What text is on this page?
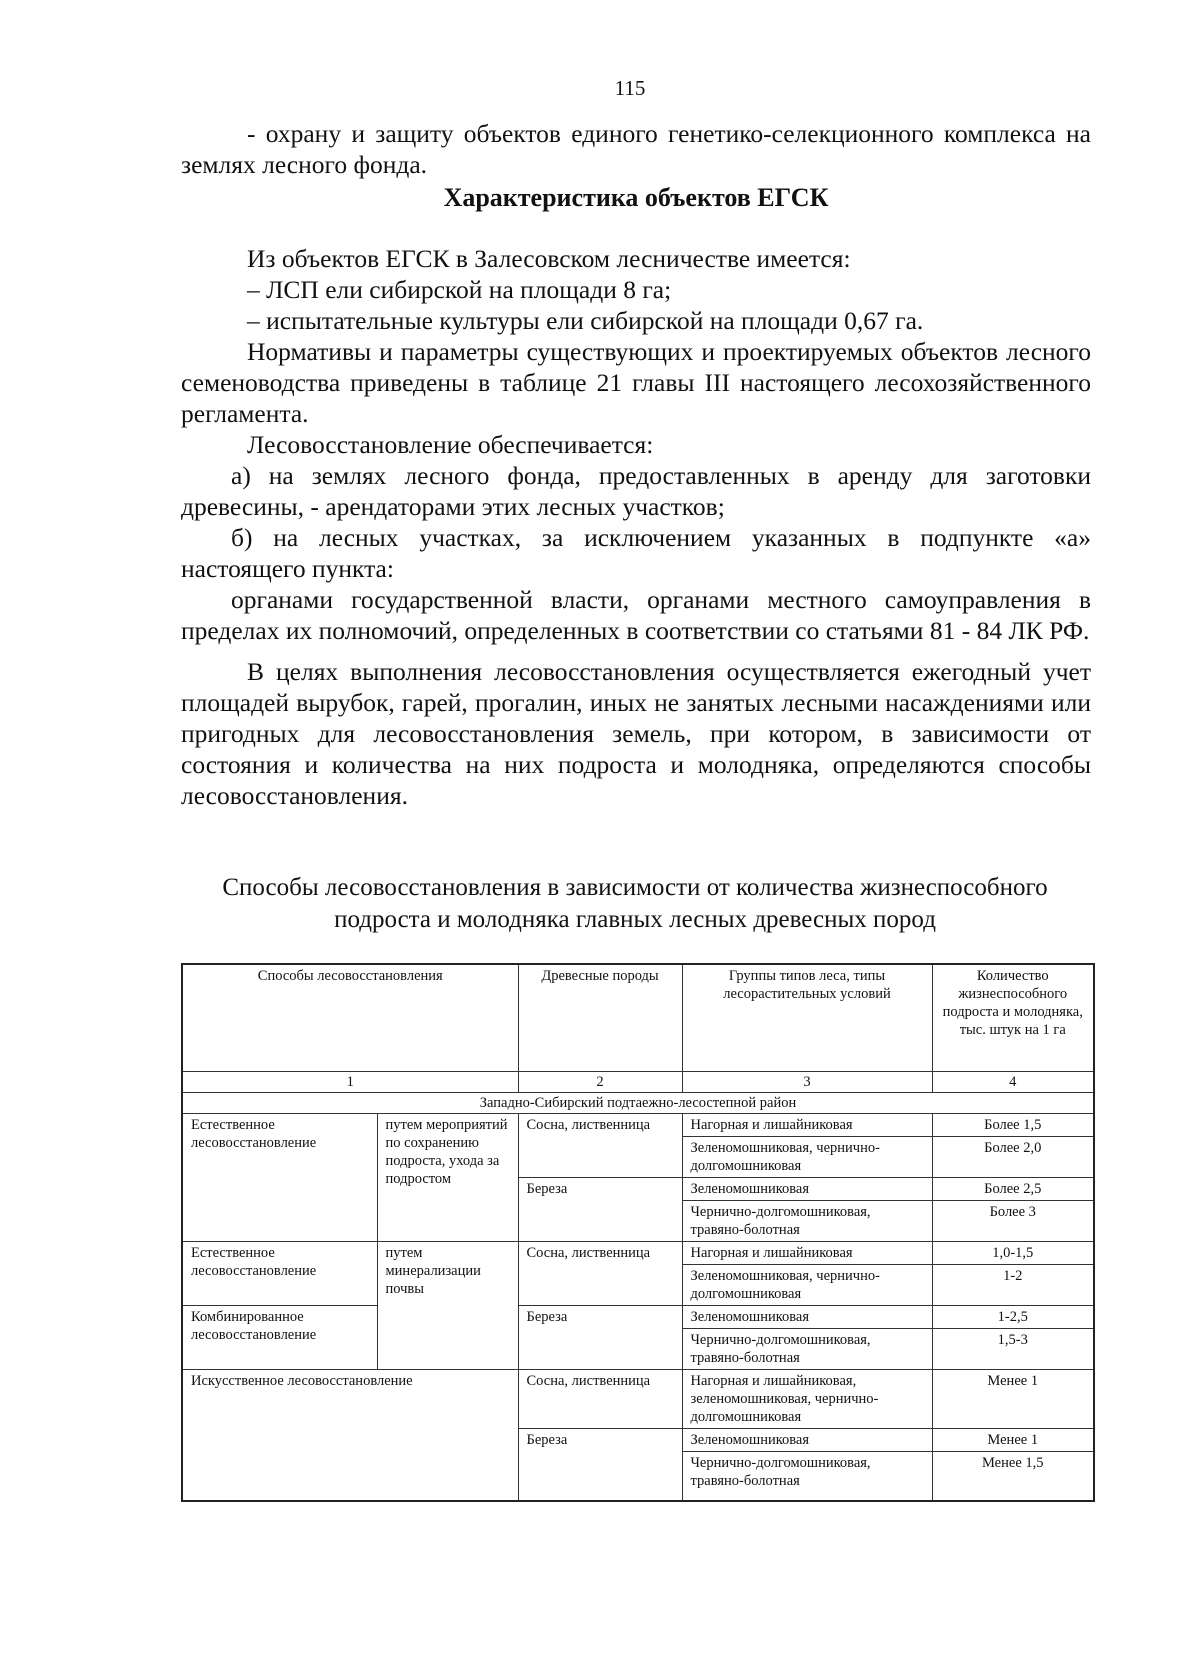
115

- охрану и защиту объектов единого генетико-селекционного комплекса на землях лесного фонда.

Характеристика объектов ЕГСК

Из объектов ЕГСК в Залесовском лесничестве имеется:

– ЛСП ели сибирской на площади 8 га;

– испытательные культуры ели сибирской на площади 0,67 га.

Нормативы и параметры существующих и проектируемых объектов лесного семеноводства приведены в таблице 21 главы III настоящего лесохозяйственного регламента.

Лесовосстановление обеспечивается:

а) на землях лесного фонда, предоставленных в аренду для заготовки древесины, - арендаторами этих лесных участков;

б) на лесных участках, за исключением указанных в подпункте «а» настоящего пункта:

органами государственной власти, органами местного самоуправления в пределах их полномочий, определенных в соответствии со статьями 81 - 84 ЛК РФ.

В целях выполнения лесовосстановления осуществляется ежегодный учет площадей вырубок, гарей, прогалин, иных не занятых лесными насаждениями или пригодных для лесовосстановления земель, при котором, в зависимости от состояния и количества на них подроста и молодняка, определяются способы лесовосстановления.

Способы лесовосстановления в зависимости от количества жизнеспособного
подроста и молодняка главных лесных древесных пород
Способы лесовосстановления		Древесные породы	Группы типов леса, типы лесорастительных условий	Количество жизнеспособного подроста и молодняка, тыс. штук на 1 га
1		2	3	4
Западно-Сибирский подтаежно-лесостепной район				
Естественное лесовосстановление	путем мероприятий по сохранению подроста, ухода за подростом	Сосна, лиственница	Нагорная и лишайниковая	Более 1,5
			Зеленомошниковая, чернично-долгомошниковая	Более 2,0
		Береза	Зеленомошниковая	Более 2,5
			Чернично-долгомошниковая, травяно-болотная	Более 3
Естественное лесовосстановление	путем минерализации почвы	Сосна, лиственница	Нагорная и лишайниковая	1,0-1,5
			Зеленомошниковая, чернично-долгомошниковая	1-2
Комбинированное лесовосстановление		Береза	Зеленомошниковая	1-2,5
			Чернично-долгомошниковая, травяно-болотная	1,5-3
Искусственное лесовосстановление		Сосна, лиственница	Нагорная и лишайниковая, зеленомошниковая, чернично-долгомошниковая	Менее 1
		Береза	Зеленомошниковая	Менее 1
			Чернично-долгомошниковая, травяно-болотная	Менее 1,5
